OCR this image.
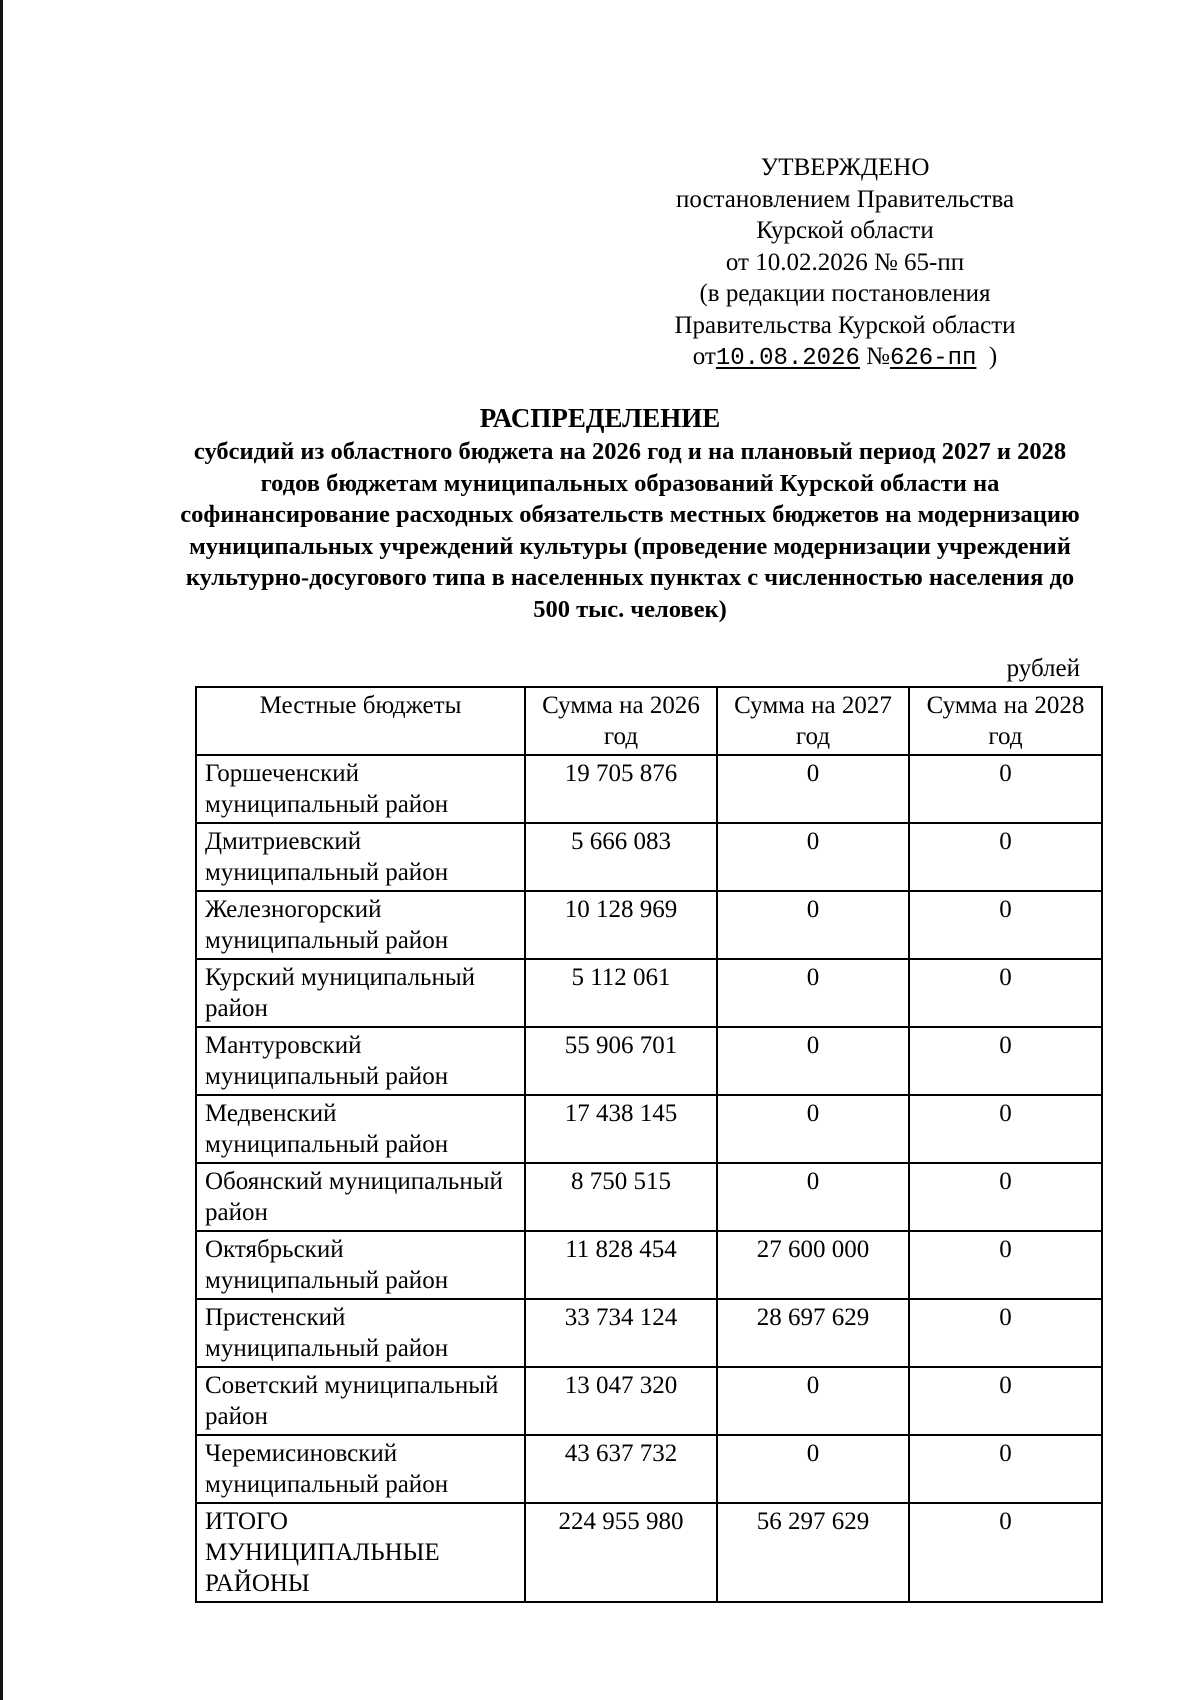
УТВЕРЖДЕНО
постановлением Правительства
Курской области
от 10.02.2026 № 65-пп
(в редакции постановления
Правительства Курской области
от10.08.2026 №626-пп )
РАСПРЕДЕЛЕНИЕ
субсидий из областного бюджета на 2026 год и на плановый период 2027 и 2028 годов бюджетам муниципальных образований Курской области на софинансирование расходных обязательств местных бюджетов на модернизацию муниципальных учреждений культуры (проведение модернизации учреждений культурно-досугового типа в населенных пунктах с численностью населения до 500 тыс. человек)
рублей
Местные бюджеты	Сумма на 2026 год	Сумма на 2027 год	Сумма на 2028 год
Горшеченский муниципальный район	19 705 876	0	0
Дмитриевский муниципальный район	5 666 083	0	0
Железногорский муниципальный район	10 128 969	0	0
Курский муниципальный район	5 112 061	0	0
Мантуровский муниципальный район	55 906 701	0	0
Медвенский муниципальный район	17 438 145	0	0
Обоянский муниципальный район	8 750 515	0	0
Октябрьский муниципальный район	11 828 454	27 600 000	0
Пристенский муниципальный район	33 734 124	28 697 629	0
Советский муниципальный район	13 047 320	0	0
Черемисиновский муниципальный район	43 637 732	0	0
ИТОГО МУНИЦИПАЛЬНЫЕ РАЙОНЫ	224 955 980	56 297 629	0
